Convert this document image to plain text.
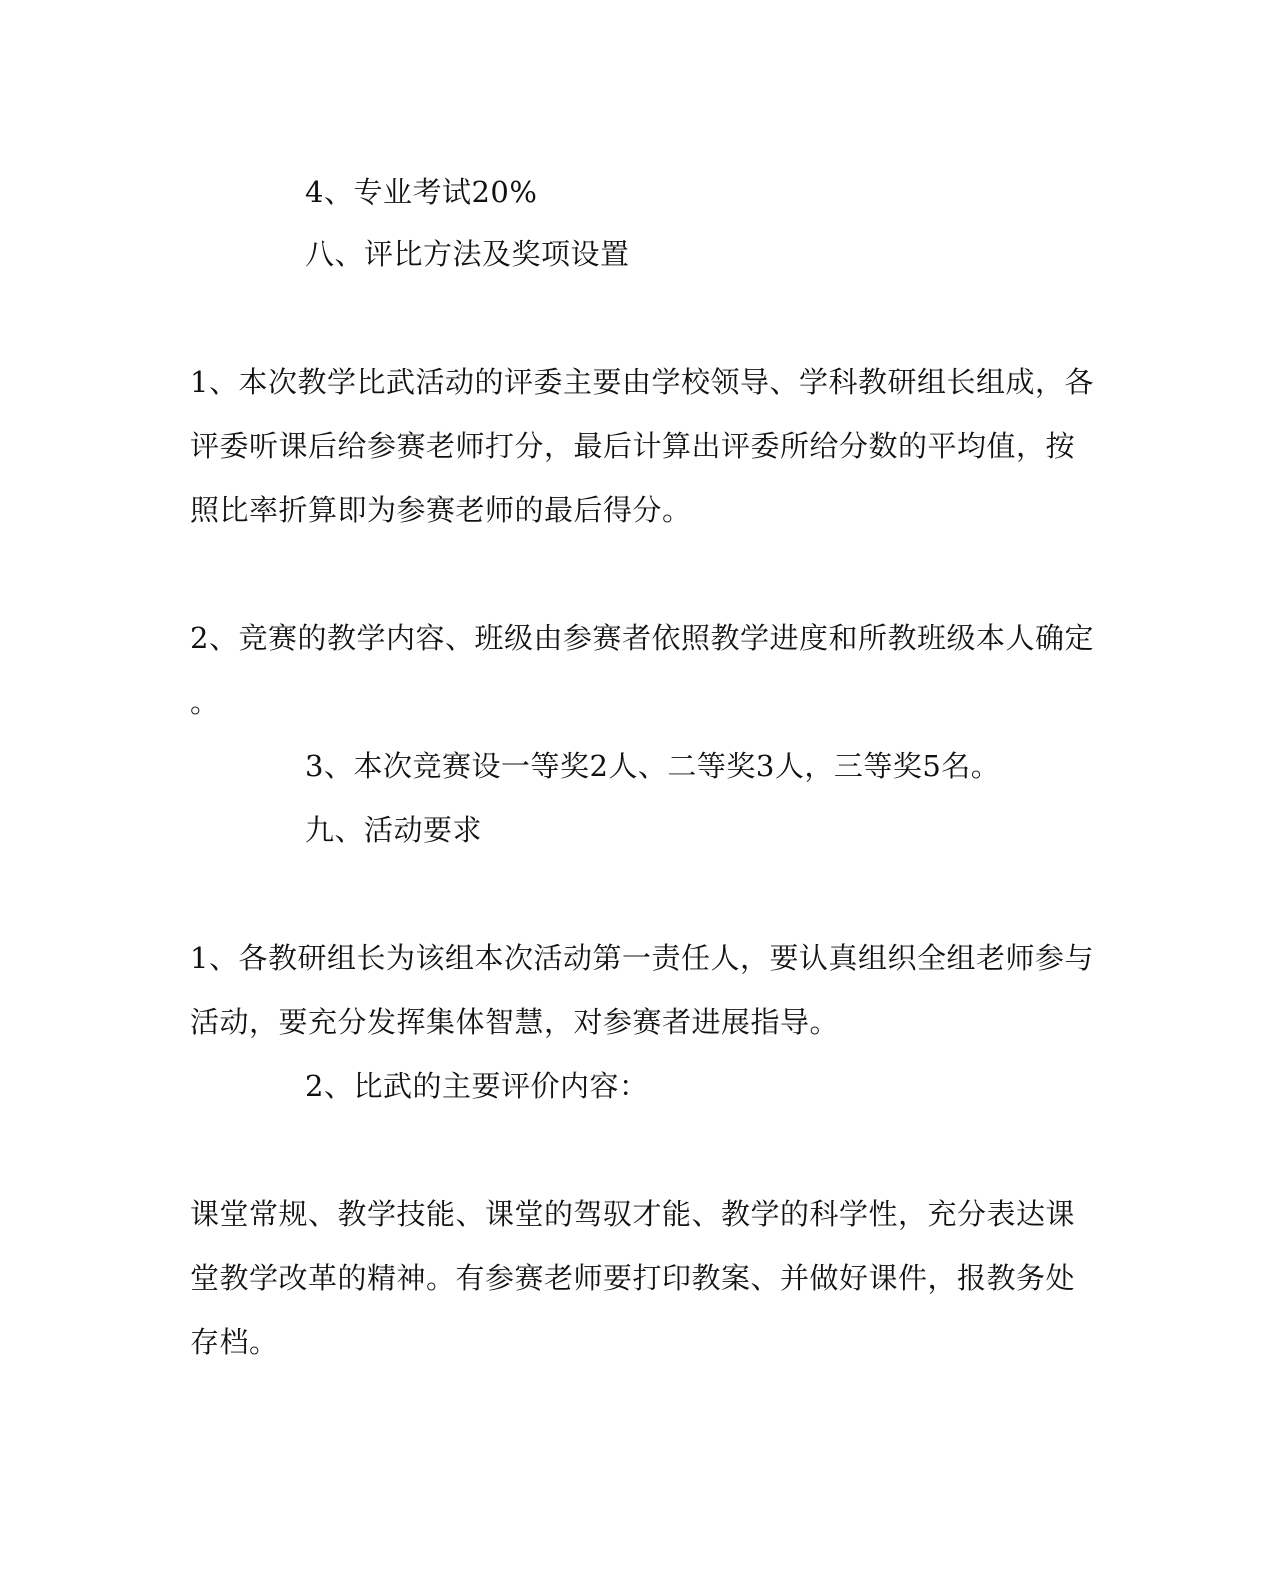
4、专业考试20%
八、评比方法及奖项设置
1、本次教学比武活动的评委主要由学校领导、学科教研组长组成，各
评委听课后给参赛老师打分，最后计算出评委所给分数的平均值，按
照比率折算即为参赛老师的最后得分。
2、竞赛的教学内容、班级由参赛者依照教学进度和所教班级本人确定
。
3、本次竞赛设一等奖2人、二等奖3人，三等奖5名。
九、活动要求
1、各教研组长为该组本次活动第一责任人，要认真组织全组老师参与
活动，要充分发挥集体智慧，对参赛者进展指导。
2、比武的主要评价内容：
课堂常规、教学技能、课堂的驾驭才能、教学的科学性，充分表达课
堂教学改革的精神。有参赛老师要打印教案、并做好课件，报教务处
存档。
